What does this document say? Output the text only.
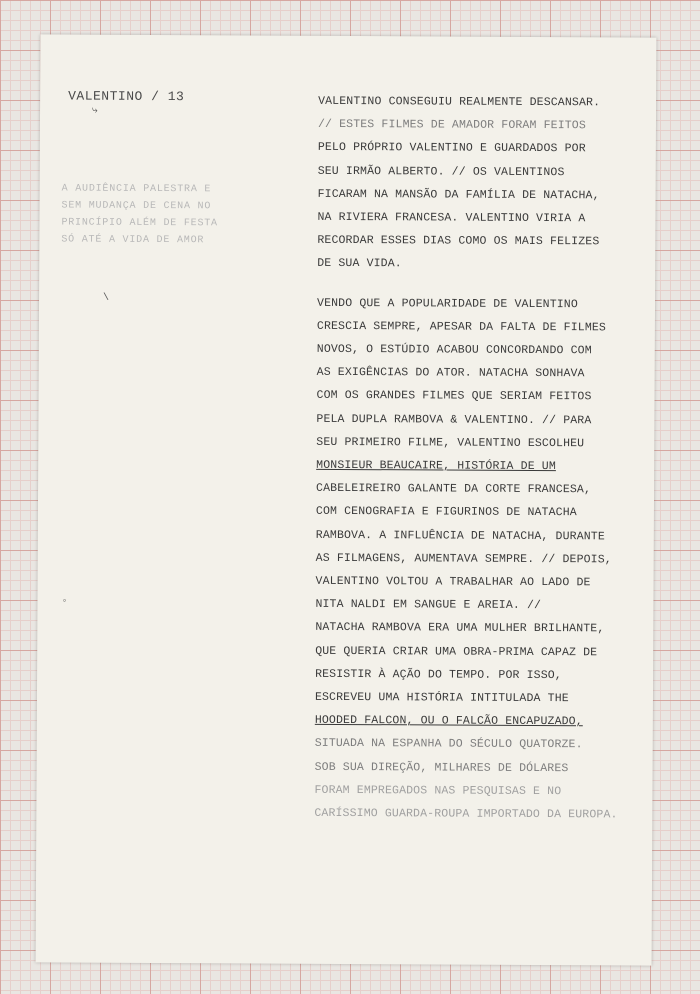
VALENTINO / 13
⤷
A AUDIÊNCIA PALESTRA E
SEM MUDANÇA DE CENA NO
PRINCÍPIO ALÉM DE FESTA
SÓ ATÉ A VIDA DE AMOR
VALENTINO CONSEGUIU REALMENTE DESCANSAR.
// ESTES FILMES DE AMADOR FORAM FEITOS
PELO PRÓPRIO VALENTINO E GUARDADOS POR
SEU IRMÃO ALBERTO. // OS VALENTINOS
FICARAM NA MANSÃO DA FAMÍLIA DE NATACHA,
NA RIVIERA FRANCESA. VALENTINO VIRIA A
RECORDAR ESSES DIAS COMO OS MAIS FELIZES
DE SUA VIDA.
VENDO QUE A POPULARIDADE DE VALENTINO
CRESCIA SEMPRE, APESAR DA FALTA DE FILMES
NOVOS, O ESTÚDIO ACABOU CONCORDANDO COM
AS EXIGÊNCIAS DO ATOR. NATACHA SONHAVA
COM OS GRANDES FILMES QUE SERIAM FEITOS
PELA DUPLA RAMBOVA & VALENTINO. // PARA
SEU PRIMEIRO FILME, VALENTINO ESCOLHEU
MONSIEUR BEAUCAIRE, HISTÓRIA DE UM
CABELEIREIRO GALANTE DA CORTE FRANCESA,
COM CENOGRAFIA E FIGURINOS DE NATACHA
RAMBOVA. A INFLUÊNCIA DE NATACHA, DURANTE
AS FILMAGENS, AUMENTAVA SEMPRE. // DEPOIS,
VALENTINO VOLTOU A TRABALHAR AO LADO DE
NITA NALDI EM SANGUE E AREIA. //
NATACHA RAMBOVA ERA UMA MULHER BRILHANTE,
QUE QUERIA CRIAR UMA OBRA-PRIMA CAPAZ DE
RESISTIR À AÇÃO DO TEMPO. POR ISSO,
ESCREVEU UMA HISTÓRIA INTITULADA THE
HOODED FALCON, OU O FALCÃO ENCAPUZADO,
SITUADA NA ESPANHA DO SÉCULO QUATORZE.
SOB SUA DIREÇÃO, MILHARES DE DÓLARES
FORAM EMPREGADOS NAS PESQUISAS E NO
CARÍSSIMO GUARDA-ROUPA IMPORTADO DA EUROPA.
\
◦
